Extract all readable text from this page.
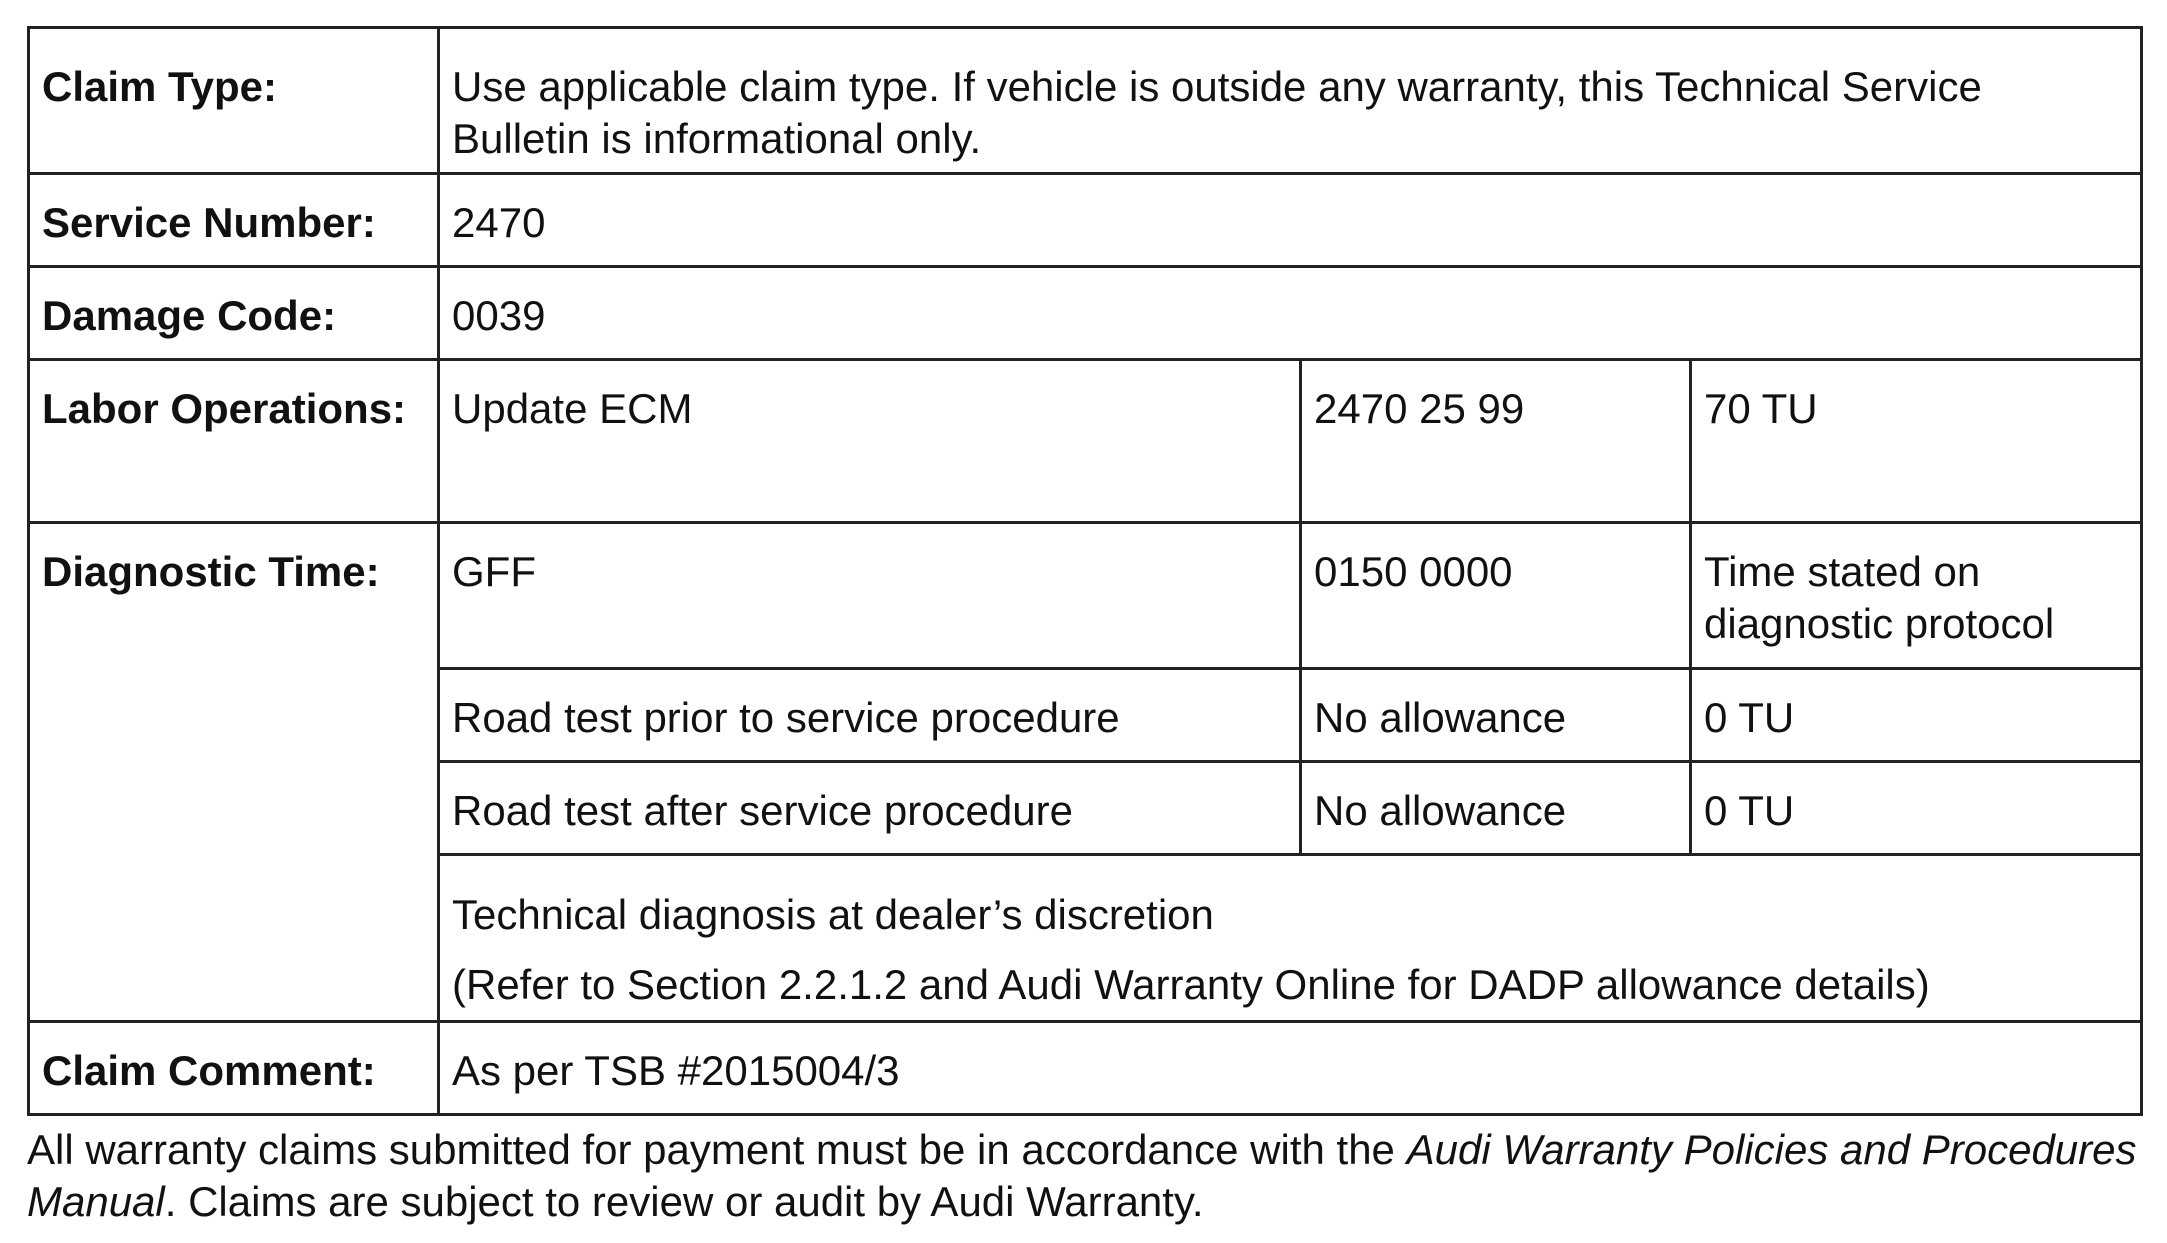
Claim Type:	Use applicable claim type. If vehicle is outside any warranty, this Technical Service Bulletin is informational only.		
Service Number:	2470		
Damage Code:	0039		
Labor Operations:	Update ECM	2470 25 99	70 TU
Diagnostic Time:	GFF	0150 0000	Time stated on diagnostic protocol
	Road test prior to service procedure	No allowance	0 TU
	Road test after service procedure	No allowance	0 TU

	Technical diagnosis at dealer’s discretion
(Refer to Section 2.2.1.2 and Audi Warranty Online for DADP allowance details)		

Claim Comment:	As per TSB #2015004/3		

All warranty claims submitted for payment must be in accordance with the Audi Warranty Policies and Procedures Manual. Claims are subject to review or audit by Audi Warranty.
